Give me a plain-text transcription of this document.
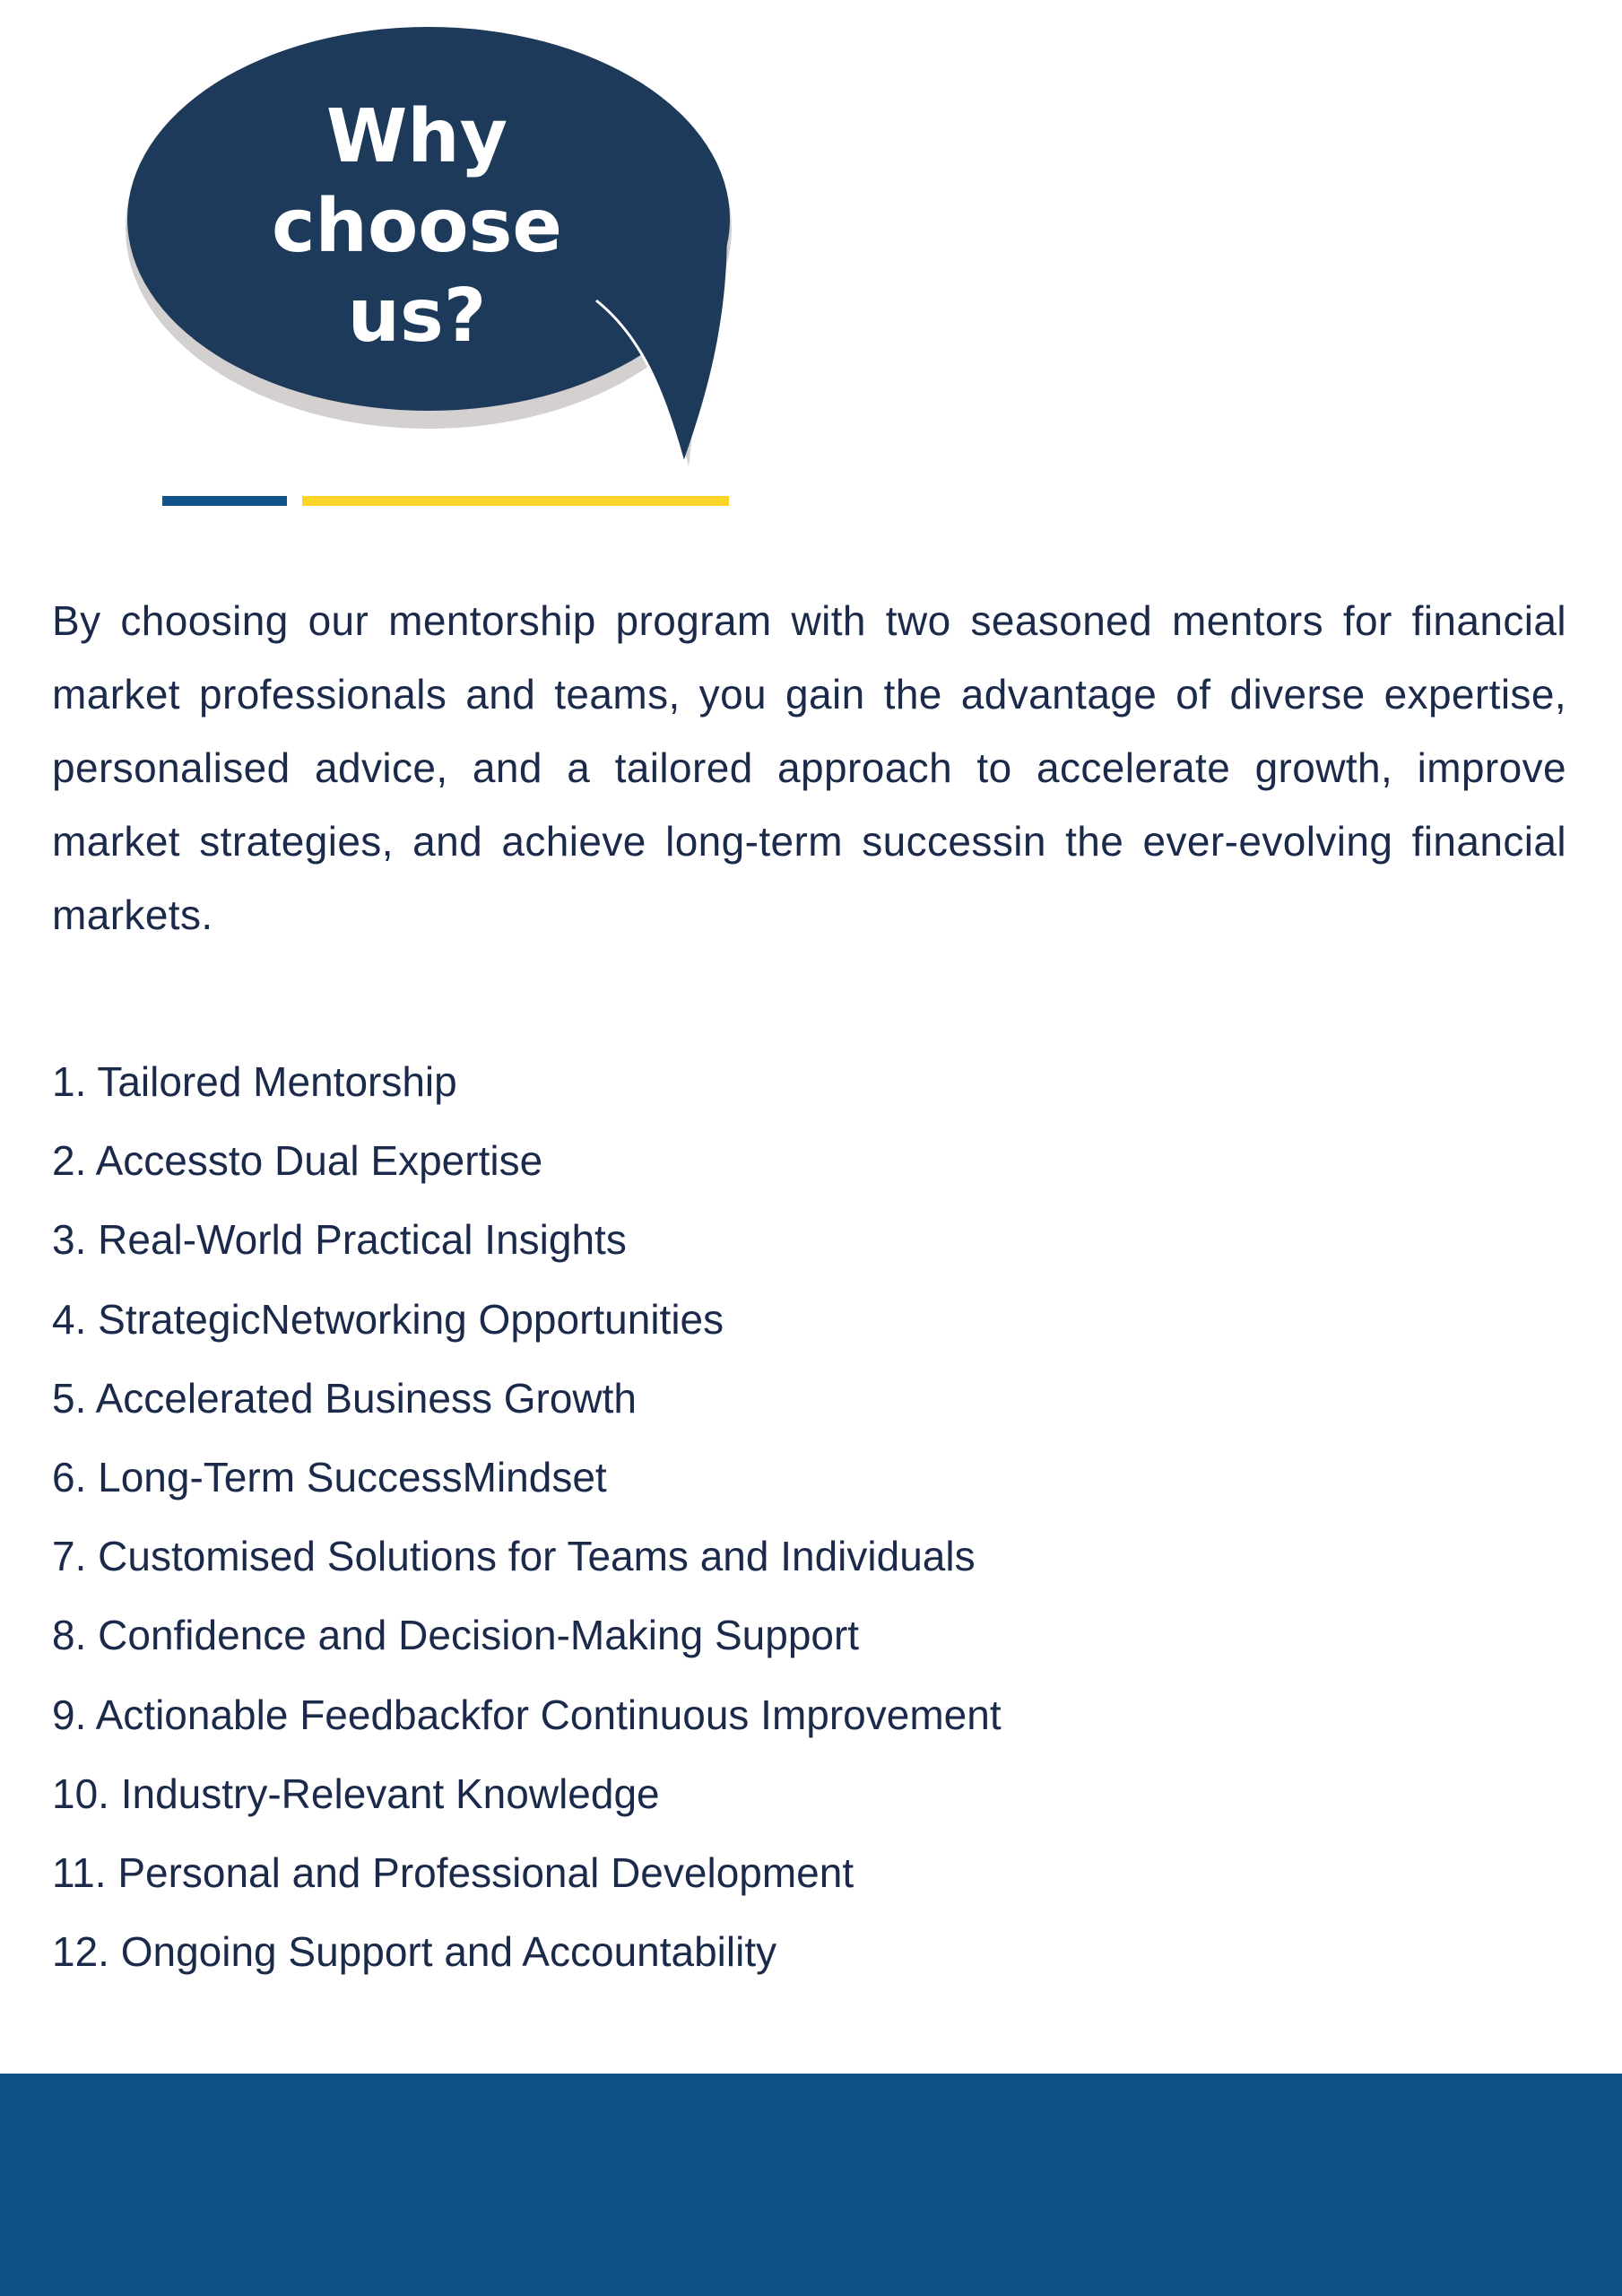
Why
choose
us?

By choosing our mentorship program with two seasoned mentors for financial market professionals and teams, you gain the advantage of diverse expertise, personalised advice, and a tailored approach to accelerate growth, improve market strategies, and achieve long-term successin the ever-evolving financial markets.

1. Tailored Mentorship
2. Accessto Dual Expertise
3. Real-World Practical Insights
4. StrategicNetworking Opportunities
5. Accelerated Business Growth
6. Long-Term SuccessMindset
7. Customised Solutions for Teams and Individuals
8. Confidence and Decision-Making Support
9. Actionable Feedbackfor Continuous Improvement
10. Industry-Relevant Knowledge
11. Personal and Professional Development
12. Ongoing Support and Accountability
